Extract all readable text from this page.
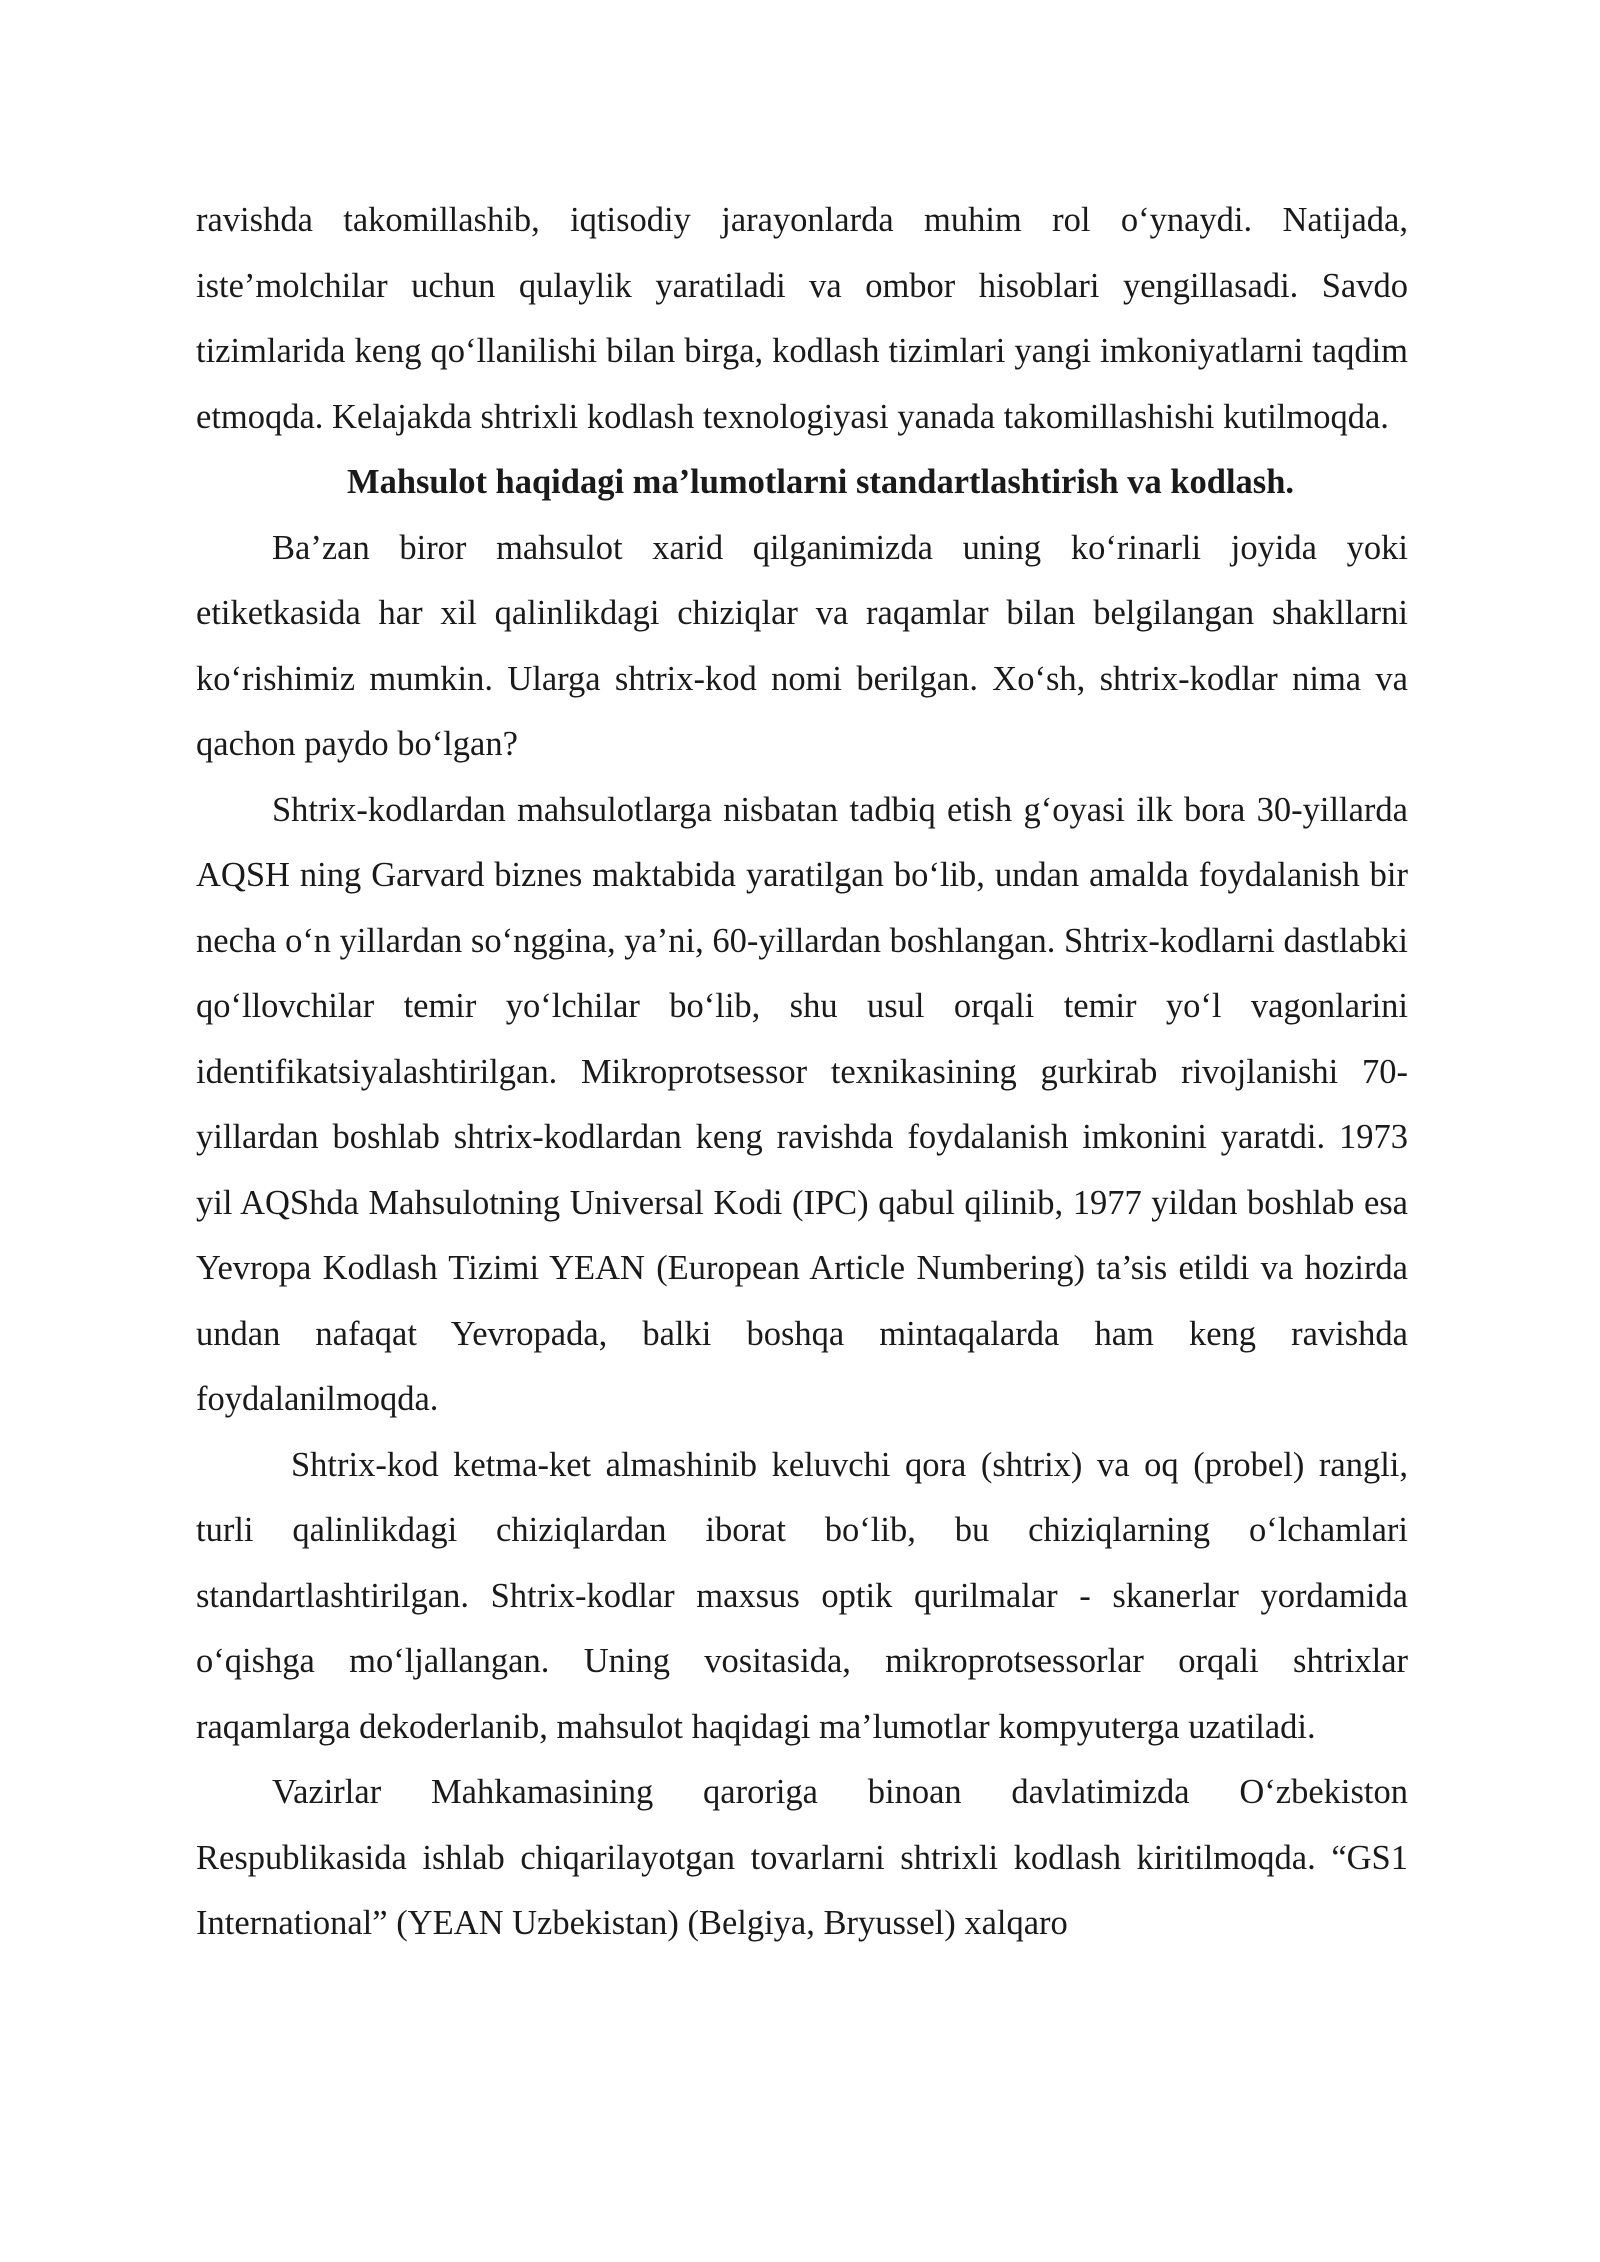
ravishda takomillashib, iqtisodiy jarayonlarda muhim rol o‘ynaydi. Natijada, iste’molchilar uchun qulaylik yaratiladi va ombor hisoblari yengillasadi. Savdo tizimlarida keng qo‘llanilishi bilan birga, kodlash tizimlari yangi imkoniyatlarni taqdim etmoqda. Kelajakda shtrixli kodlash texnologiyasi yanada takomillashishi kutilmoqda.

Mahsulot haqidagi ma’lumotlarni standartlashtirish va kodlash.

Ba’zan biror mahsulot xarid qilganimizda uning ko‘rinarli joyida yoki etiketkasida har xil qalinlikdagi chiziqlar va raqamlar bilan belgilangan shakllarni ko‘rishimiz mumkin. Ularga shtrix-kod nomi berilgan. Xo‘sh, shtrix-kodlar nima va qachon paydo bo‘lgan?

Shtrix-kodlardan mahsulotlarga nisbatan tadbiq etish g‘oyasi ilk bora 30-yillarda AQSH ning Garvard biznes maktabida yaratilgan bo‘lib, undan amalda foydalanish bir necha o‘n yillardan so‘nggina, ya’ni, 60-yillardan boshlangan. Shtrix-kodlarni dastlabki qo‘llovchilar temir yo‘lchilar bo‘lib, shu usul orqali temir yo‘l vagonlarini identifikatsiyalashtirilgan. Mikroprotsessor texnikasining gurkirab rivojlanishi 70-yillardan boshlab shtrix-kodlardan keng ravishda foydalanish imkonini yaratdi. 1973 yil AQShda Mahsulotning Universal Kodi (IPC) qabul qilinib, 1977 yildan boshlab esa Yevropa Kodlash Tizimi YEAN (European Article Numbering) ta’sis etildi va hozirda undan nafaqat Yevropada, balki boshqa mintaqalarda ham keng ravishda foydalanilmoqda.

Shtrix-kod ketma-ket almashinib keluvchi qora (shtrix) va oq (probel) rangli, turli qalinlikdagi chiziqlardan iborat bo‘lib, bu chiziqlarning o‘lchamlari standartlashtirilgan. Shtrix-kodlar maxsus optik qurilmalar - skanerlar yordamida o‘qishga mo‘ljallangan. Uning vositasida, mikroprotsessorlar orqali shtrixlar raqamlarga dekoderlanib, mahsulot haqidagi ma’lumotlar kompyuterga uzatiladi.

Vazirlar Mahkamasining qaroriga binoan davlatimizda O‘zbekiston Respublikasida ishlab chiqarilayotgan tovarlarni shtrixli kodlash kiritilmoqda. “GS1 International” (YEAN Uzbekistan) (Belgiya, Bryussel) xalqaro
